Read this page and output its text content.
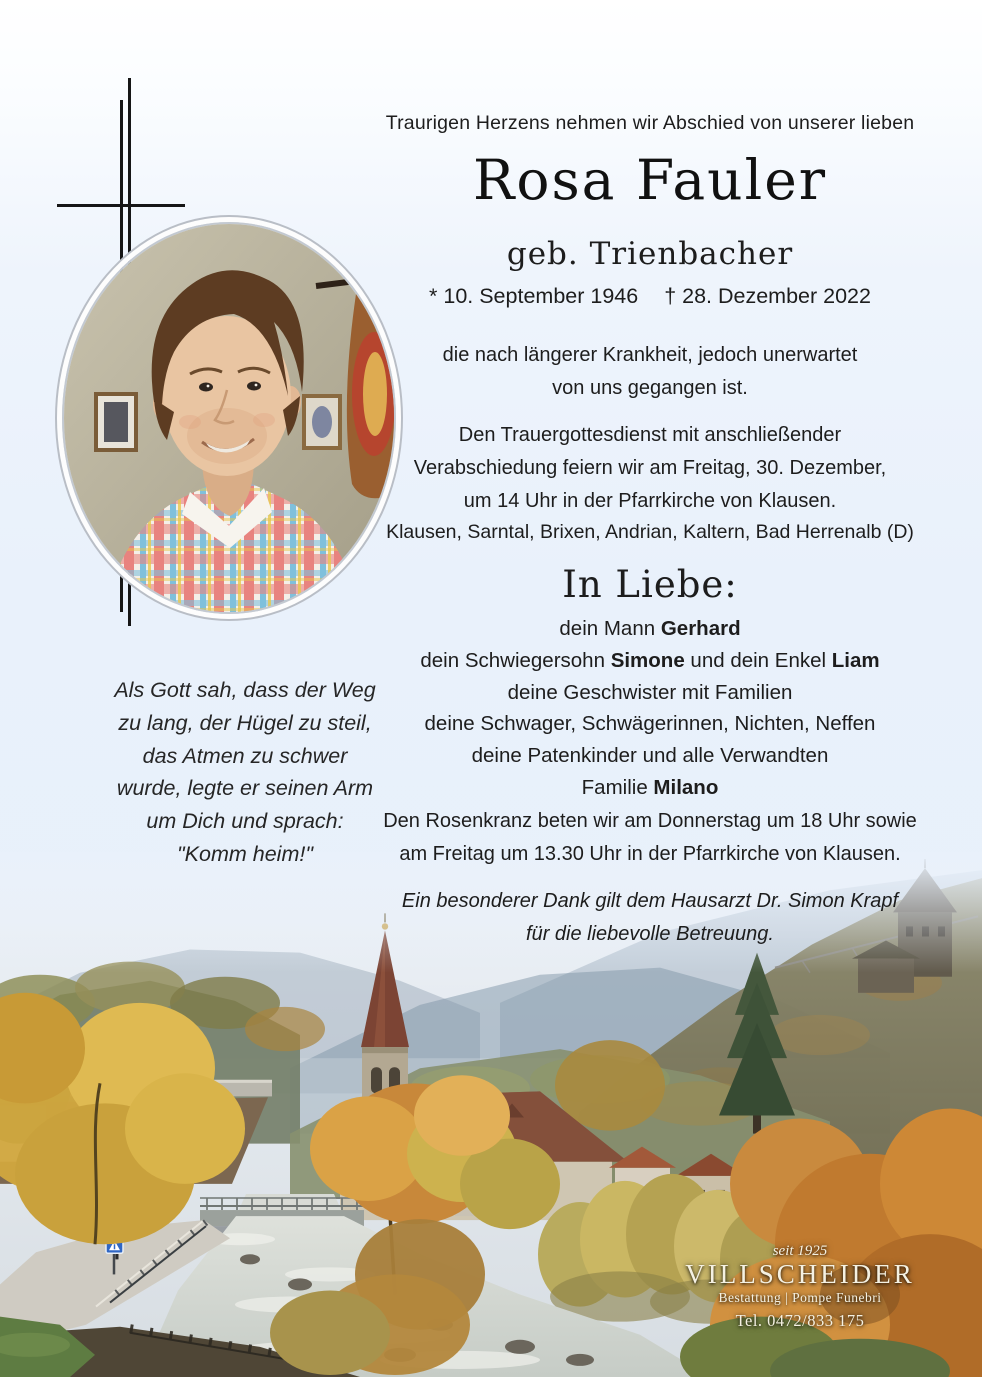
Traurigen Herzens nehmen wir Abschied von unserer lieben
Rosa Fauler
geb. Trienbacher
* 10. September 1946 † 28. Dezember 2022
die nach längerer Krankheit, jedoch unerwartet
von uns gegangen ist.
Den Trauergottesdienst mit anschließender
Verabschiedung feiern wir am Freitag, 30. Dezember,
um 14 Uhr in der Pfarrkirche von Klausen.
Klausen, Sarntal, Brixen, Andrian, Kaltern, Bad Herrenalb (D)
In Liebe:
dein Mann Gerhard
dein Schwiegersohn Simone und dein Enkel Liam
deine Geschwister mit Familien
deine Schwager, Schwägerinnen, Nichten, Neffen
deine Patenkinder und alle Verwandten
Familie Milano
Den Rosenkranz beten wir am Donnerstag um 18 Uhr sowie
am Freitag um 13.30 Uhr in der Pfarrkirche von Klausen.
Ein besonderer Dank gilt dem Hausarzt Dr. Simon Krapf
für die liebevolle Betreuung.
Als Gott sah, dass der Weg
zu lang, der Hügel zu steil,
das Atmen zu schwer
wurde, legte er seinen Arm
um Dich und sprach:
"Komm heim!"
seit 1925
VILLSCHEIDER
Bestattung | Pompe Funebri
Tel. 0472/833 175
